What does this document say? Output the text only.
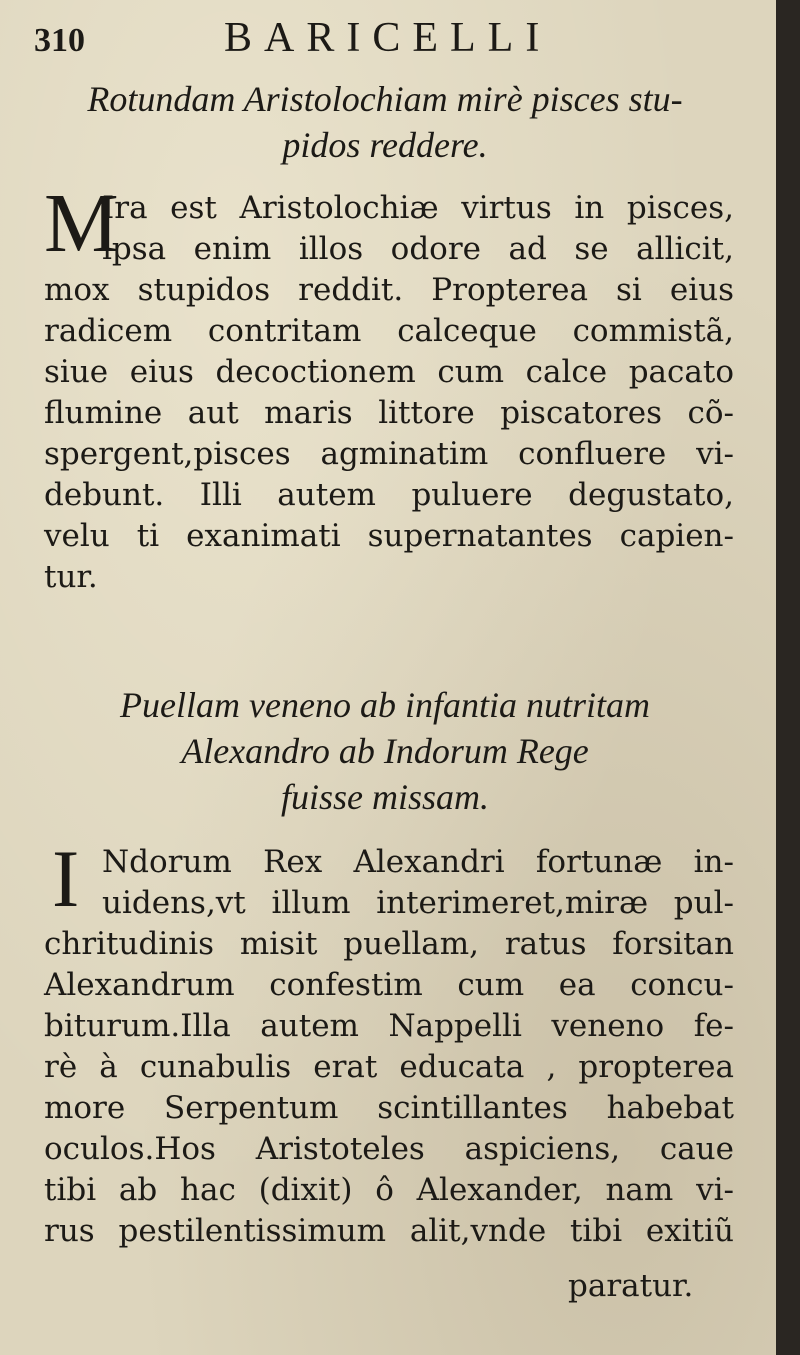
310	BARICELLI
Rotundam Aristolochiam mirè pisces stu-
pidos reddere.
M
Ira est Aristolochiæ virtus in pisces,
ipsa enim illos odore ad se allicit,
mox stupidos reddit. Propterea si eius
radicem contritam calceque commistã,
siue eius decoctionem cum calce pacato
flumine aut maris littore piscatores cõ-
spergent,pisces agminatim confluere vi-
debunt. Illi autem puluere degustato,
velu ti exanimati supernatantes capien-
tur.
Puellam veneno ab infantia nutritam
Alexandro ab Indorum Rege
fuisse missam.
I Ndorum Rex Alexandri fortunæ in-
uidens,vt illum interimeret,miræ pul-
chritudinis misit puellam, ratus forsitan
Alexandrum confestim cum ea concu-
biturum.Illa autem Nappelli veneno fe-
rè à cunabulis erat educata , propterea
more Serpentum scintillantes habebat
oculos.Hos Aristoteles aspiciens, caue
tibi ab hac (dixit) ô Alexander, nam vi-
rus pestilentissimum alit,vnde tibi exitiũ
paratur.
